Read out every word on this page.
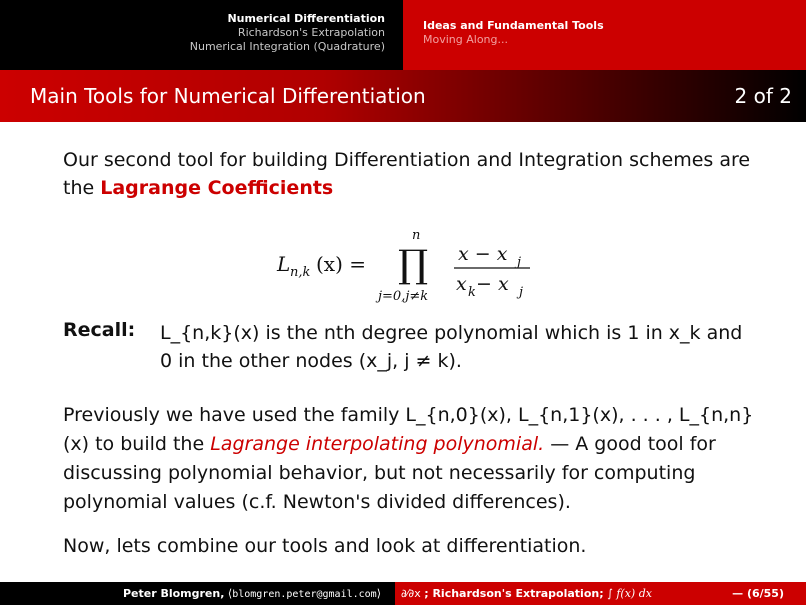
Numerical Differentiation
Richardson's Extrapolation
Numerical Integration (Quadrature)
Ideas and Fundamental Tools
Moving Along...
Main Tools for Numerical Differentiation	2 of 2
Our second tool for building Differentiation and Integration schemes are the Lagrange Coefficients
L n,k (x) =
n
∏
j=0,j≠k
x − x j
x k − x j
Recall: L_{n,k}(x) is the nth degree polynomial which is 1 in x_k and 0 in the other nodes (x_j, j ≠ k).
Previously we have used the family L_{n,0}(x), L_{n,1}(x), . . . , L_{n,n}(x) to build the Lagrange interpolating polynomial. — A good tool for discussing polynomial behavior, but not necessarily for computing polynomial values (c.f. Newton's divided differences).
Now, lets combine our tools and look at differentiation.
Peter Blomgren, ⟨blomgren.peter@gmail.com⟩	∂⁄∂x ; Richardson's Extrapolation; ∫ f(x) dx	— (6/55)
